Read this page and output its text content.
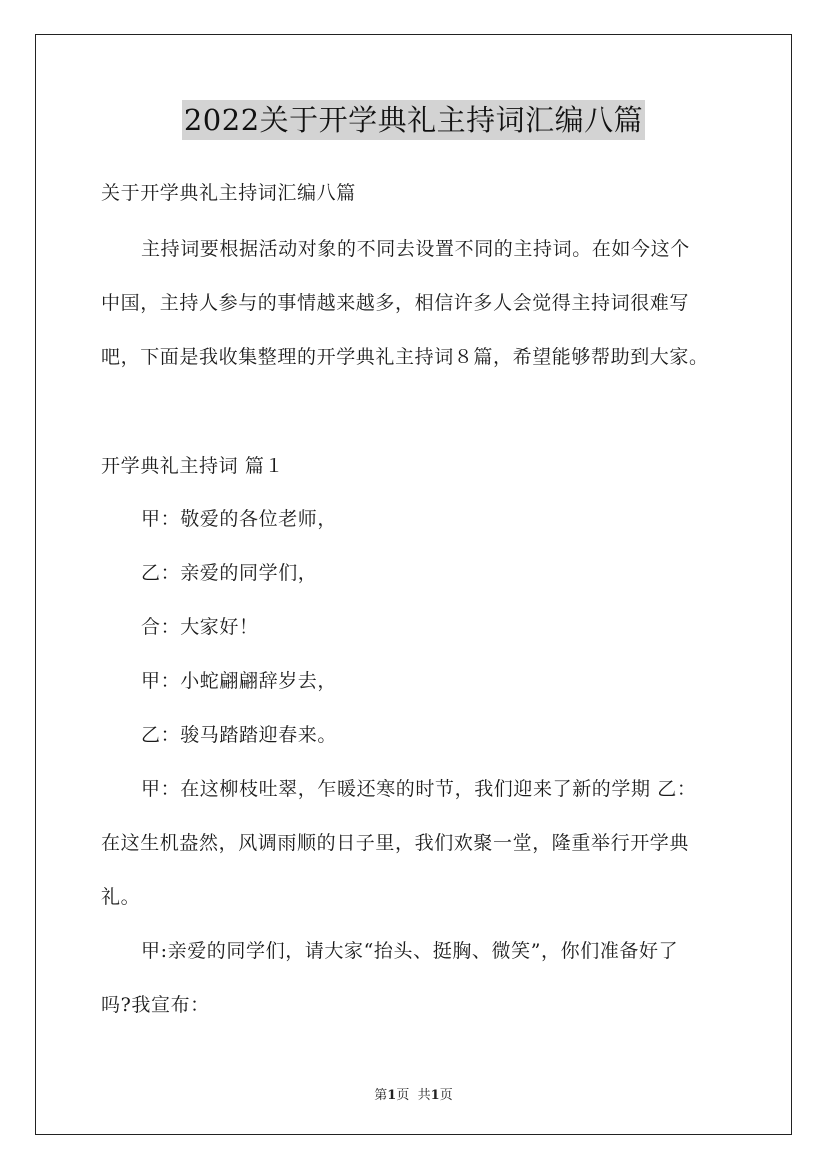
2022关于开学典礼主持词汇编八篇
关于开学典礼主持词汇编八篇
主持词要根据活动对象的不同去设置不同的主持词。在如今这个
中国，主持人参与的事情越来越多，相信许多人会觉得主持词很难写
吧，下面是我收集整理的开学典礼主持词８篇，希望能够帮助到大家。
开学典礼主持词 篇１
甲：敬爱的各位老师，
乙：亲爱的同学们，
合：大家好！
甲：小蛇翩翩辞岁去，
乙：骏马踏踏迎春来。
甲：在这柳枝吐翠，乍暖还寒的时节，我们迎来了新的学期 乙：
在这生机盎然，风调雨顺的日子里，我们欢聚一堂，隆重举行开学典
礼。
甲:亲爱的同学们，请大家“抬头、挺胸、微笑”，你们准备好了
吗?我宣布：
第1页 共1页
